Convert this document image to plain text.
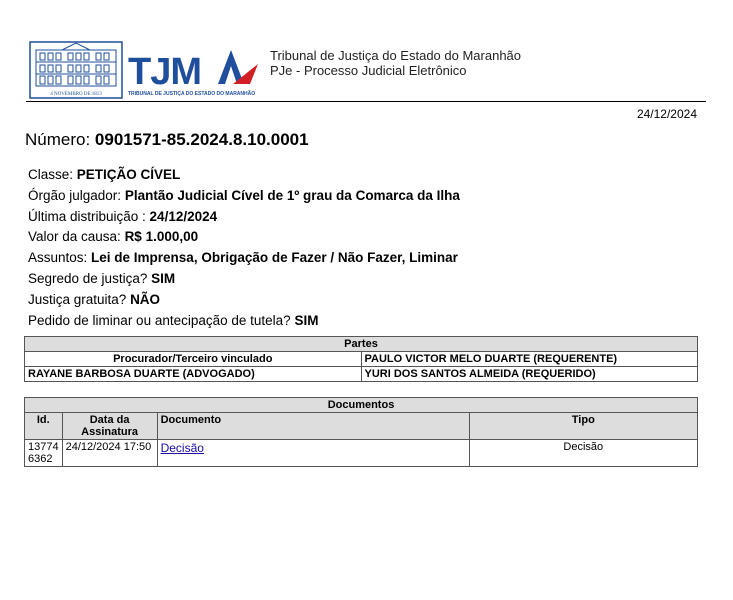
4 NOVEMBRO DE 1813
TJM
TRIBUNAL DE JUSTIÇA DO ESTADO DO MARANHÃO
Tribunal de Justiça do Estado do Maranhão
PJe - Processo Judicial Eletrônico
24/12/2024
Número: 0901571-85.2024.8.10.0001
Classe: PETIÇÃO CÍVEL
Órgão julgador: Plantão Judicial Cível de 1º grau da Comarca da Ilha
Última distribuição : 24/12/2024
Valor da causa: R$ 1.000,00
Assuntos: Lei de Imprensa, Obrigação de Fazer / Não Fazer, Liminar
Segredo de justiça? SIM
Justiça gratuita? NÃO
Pedido de liminar ou antecipação de tutela? SIM
Partes	
Procurador/Terceiro vinculado	PAULO VICTOR MELO DUARTE (REQUERENTE)
RAYANE BARBOSA DUARTE (ADVOGADO)	YURI DOS SANTOS ALMEIDA (REQUERIDO)
Documentos			
Id.	Data da Assinatura	Documento	Tipo
13774 6362	24/12/2024 17:50	Decisão	Decisão
